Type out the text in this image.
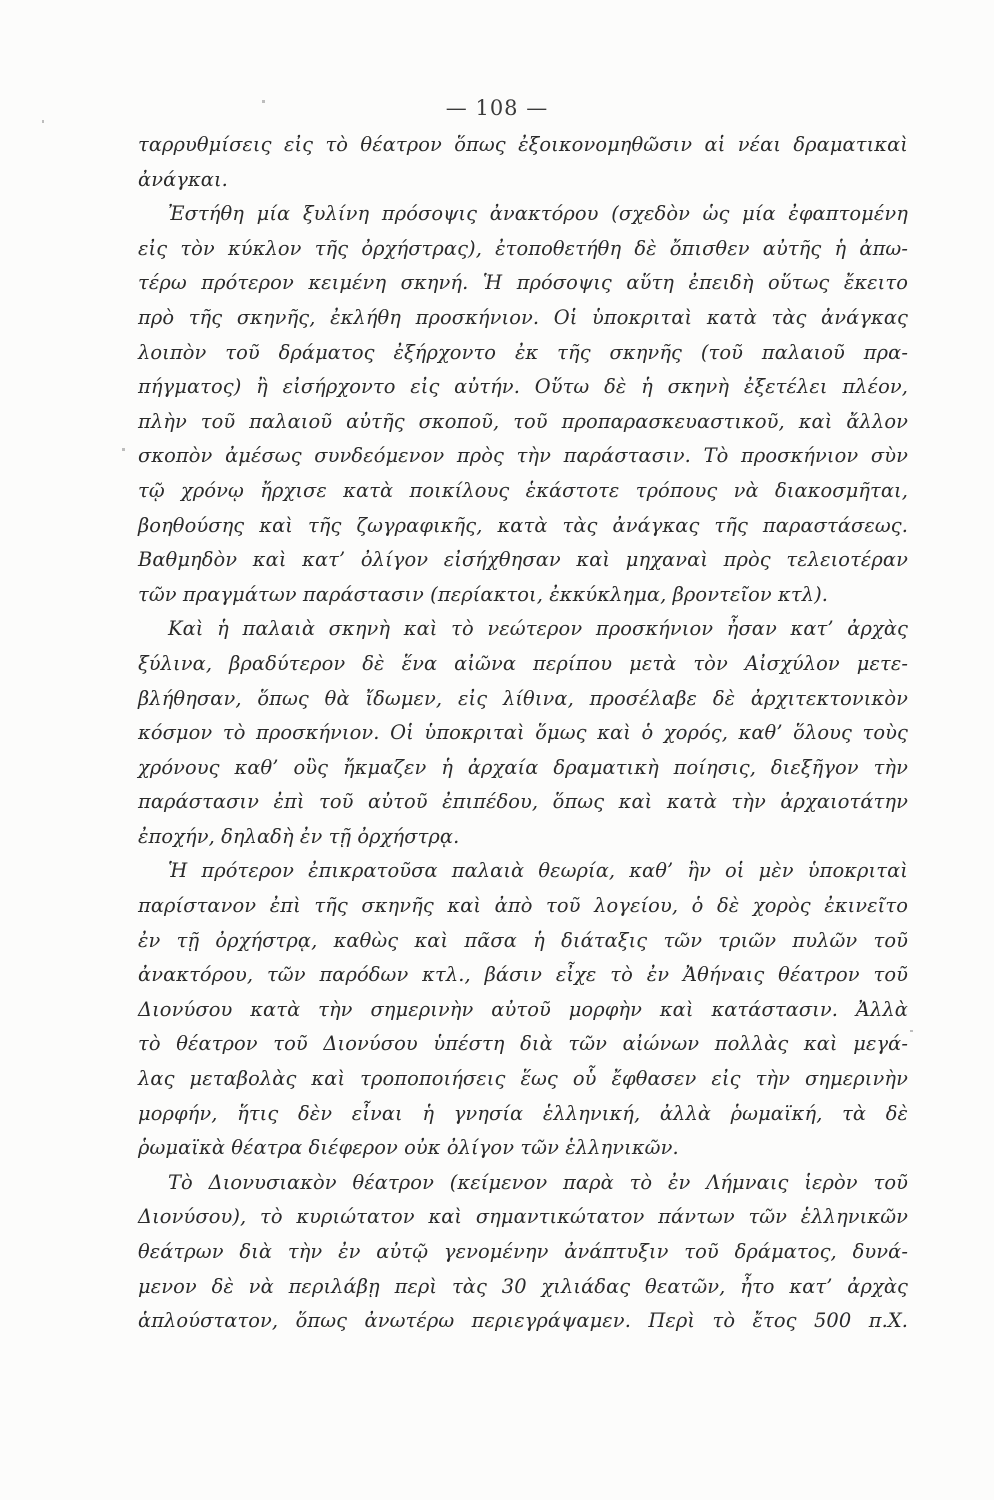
— 108 —
ταρρυθμίσεις εἰς τὸ θέατρον ὅπως ἐξοικονομηθῶσιν αἱ νέαι δραματικαὶ
ἀνάγκαι.
Ἐστήθη μία ξυλίνη πρόσοψις ἀνακτόρου (σχεδὸν ὡς μία ἐφαπτομένη
εἰς τὸν κύκλον τῆς ὀρχήστρας), ἐτοποθετήθη δὲ ὄπισθεν αὐτῆς ἡ ἀπω-
τέρω πρότερον κειμένη σκηνή. Ἡ πρόσοψις αὕτη ἐπειδὴ οὕτως ἔκειτο
πρὸ τῆς σκηνῆς, ἐκλήθη προσκήνιον. Οἱ ὑποκριταὶ κατὰ τὰς ἀνάγκας
λοιπὸν τοῦ δράματος ἐξήρχοντο ἐκ τῆς σκηνῆς (τοῦ παλαιοῦ πρα-
πήγματος) ἢ εἰσήρχοντο εἰς αὐτήν. Οὕτω δὲ ἡ σκηνὴ ἐξετέλει πλέον,
πλὴν τοῦ παλαιοῦ αὐτῆς σκοποῦ, τοῦ προπαρασκευαστικοῦ, καὶ ἄλλον
σκοπὸν ἀμέσως συνδεόμενον πρὸς τὴν παράστασιν. Τὸ προσκήνιον σὺν
τῷ χρόνῳ ἤρχισε κατὰ ποικίλους ἑκάστοτε τρόπους νὰ διακοσμῆται,
βοηθούσης καὶ τῆς ζωγραφικῆς, κατὰ τὰς ἀνάγκας τῆς παραστάσεως.
Βαθμηδὸν καὶ κατ’ ὀλίγον εἰσήχθησαν καὶ μηχαναὶ πρὸς τελειοτέραν
τῶν πραγμάτων παράστασιν (περίακτοι, ἐκκύκλημα, βροντεῖον κτλ).
Καὶ ἡ παλαιὰ σκηνὴ καὶ τὸ νεώτερον προσκήνιον ἦσαν κατ’ ἀρχὰς
ξύλινα, βραδύτερον δὲ ἕνα αἰῶνα περίπου μετὰ τὸν Αἰσχύλον μετε-
βλήθησαν, ὅπως θὰ ἴδωμεν, εἰς λίθινα, προσέλαβε δὲ ἀρχιτεκτονικὸν
κόσμον τὸ προσκήνιον. Οἱ ὑποκριταὶ ὅμως καὶ ὁ χορός, καθ’ ὅλους τοὺς
χρόνους καθ’ οὓς ἤκμαζεν ἡ ἀρχαία δραματικὴ ποίησις, διεξῆγον τὴν
παράστασιν ἐπὶ τοῦ αὐτοῦ ἐπιπέδου, ὅπως καὶ κατὰ τὴν ἀρχαιοτάτην
ἐποχήν, δηλαδὴ ἐν τῇ ὀρχήστρᾳ.
Ἡ πρότερον ἐπικρατοῦσα παλαιὰ θεωρία, καθ’ ἣν οἱ μὲν ὑποκριταὶ
παρίστανον ἐπὶ τῆς σκηνῆς καὶ ἀπὸ τοῦ λογείου, ὁ δὲ χορὸς ἐκινεῖτο
ἐν τῇ ὀρχήστρᾳ, καθὼς καὶ πᾶσα ἡ διάταξις τῶν τριῶν πυλῶν τοῦ
ἀνακτόρου, τῶν παρόδων κτλ., βάσιν εἶχε τὸ ἐν Ἀθήναις θέατρον τοῦ
Διονύσου κατὰ τὴν σημερινὴν αὐτοῦ μορφὴν καὶ κατάστασιν. Ἀλλὰ
τὸ θέατρον τοῦ Διονύσου ὑπέστη διὰ τῶν αἰώνων πολλὰς καὶ μεγά-
λας μεταβολὰς καὶ τροποποιήσεις ἕως οὗ ἔφθασεν εἰς τὴν σημερινὴν
μορφήν, ἥτις δὲν εἶναι ἡ γνησία ἑλληνική, ἀλλὰ ῥωμαϊκή, τὰ δὲ
ῥωμαϊκὰ θέατρα διέφερον οὐκ ὀλίγον τῶν ἑλληνικῶν.
Τὸ Διονυσιακὸν θέατρον (κείμενον παρὰ τὸ ἐν Λήμναις ἱερὸν τοῦ
Διονύσου), τὸ κυριώτατον καὶ σημαντικώτατον πάντων τῶν ἑλληνικῶν
θεάτρων διὰ τὴν ἐν αὐτῷ γενομένην ἀνάπτυξιν τοῦ δράματος, δυνά-
μενον δὲ νὰ περιλάβῃ περὶ τὰς 30 χιλιάδας θεατῶν, ἦτο κατ’ ἀρχὰς
ἁπλούστατον, ὅπως ἀνωτέρω περιεγράψαμεν. Περὶ τὸ ἔτος 500 π.Χ.
